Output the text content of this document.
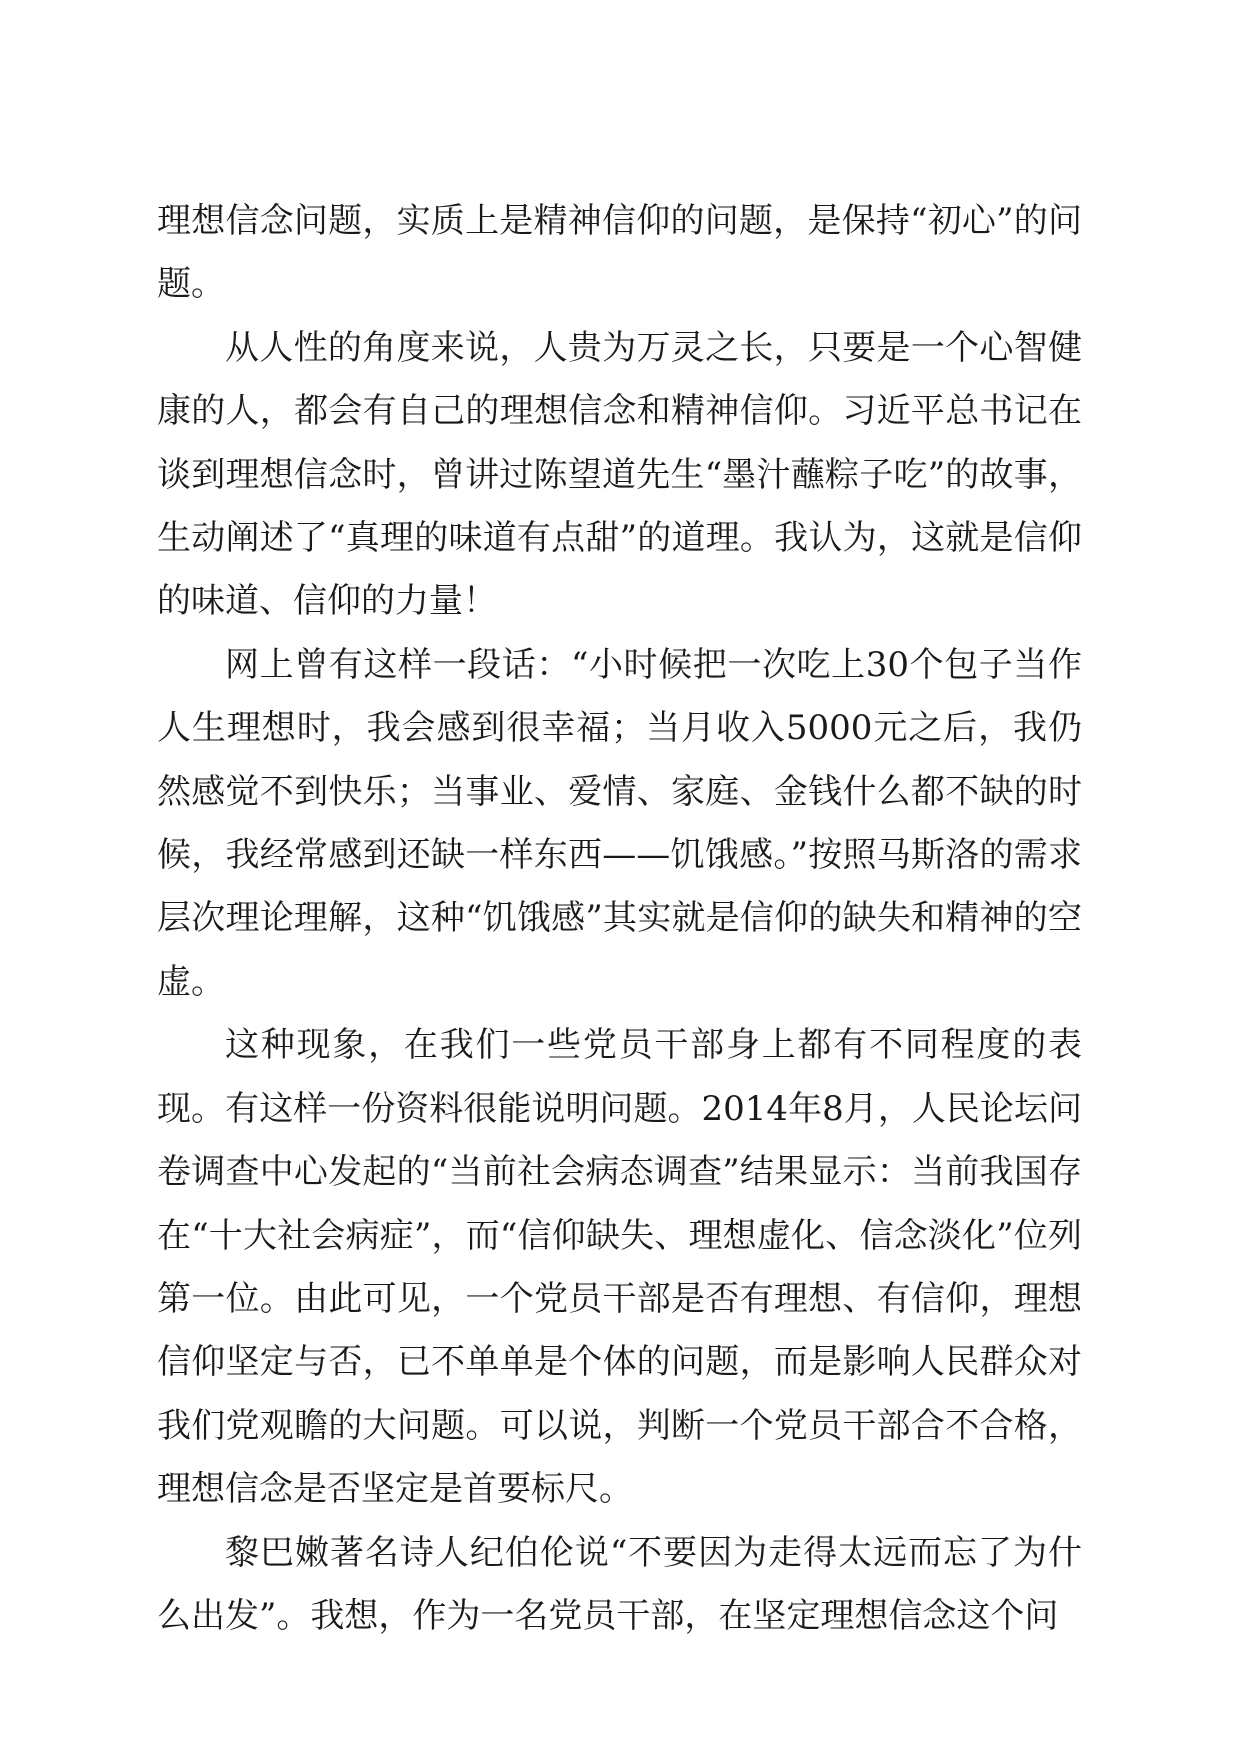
理想信念问题，实质上是精神信仰的问题，是保持“初心”的问题。

从人性的角度来说，人贵为万灵之长，只要是一个心智健康的人，都会有自己的理想信念和精神信仰。习近平总书记在谈到理想信念时，曾讲过陈望道先生“墨汁蘸粽子吃”的故事，生动阐述了“真理的味道有点甜”的道理。我认为，这就是信仰的味道、信仰的力量！

网上曾有这样一段话：“小时候把一次吃上30个包子当作人生理想时，我会感到很幸福；当月收入5000元之后，我仍然感觉不到快乐；当事业、爱情、家庭、金钱什么都不缺的时候，我经常感到还缺一样东西——饥饿感。”按照马斯洛的需求层次理论理解，这种“饥饿感”其实就是信仰的缺失和精神的空虚。

这种现象，在我们一些党员干部身上都有不同程度的表现。有这样一份资料很能说明问题。2014年8月，人民论坛问卷调查中心发起的“当前社会病态调查”结果显示：当前我国存在“十大社会病症”，而“信仰缺失、理想虚化、信念淡化”位列第一位。由此可见，一个党员干部是否有理想、有信仰，理想信仰坚定与否，已不单单是个体的问题，而是影响人民群众对我们党观瞻的大问题。可以说，判断一个党员干部合不合格，理想信念是否坚定是首要标尺。

黎巴嫩著名诗人纪伯伦说“不要因为走得太远而忘了为什么出发”。我想，作为一名党员干部，在坚定理想信念这个问
